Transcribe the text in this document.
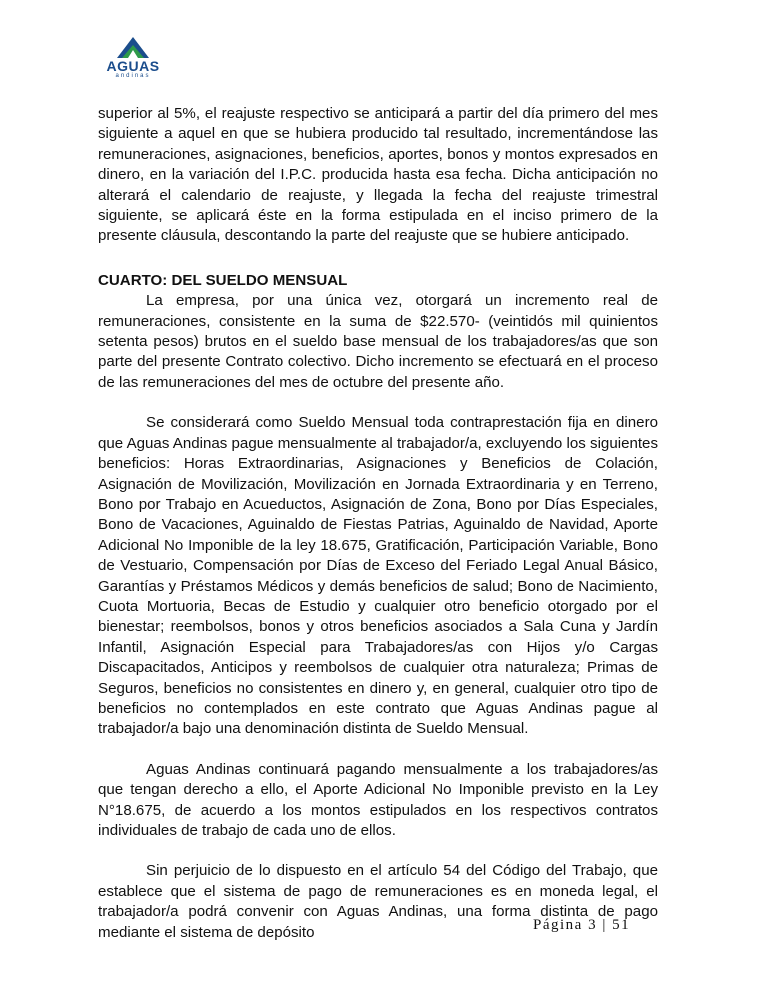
AGUAS
andinas

superior al 5%, el reajuste respectivo se anticipará a partir del día primero del mes siguiente a aquel en que se hubiera producido tal resultado, incrementándose las remuneraciones, asignaciones, beneficios, aportes, bonos y montos expresados en dinero, en la variación del I.P.C. producida hasta esa fecha. Dicha anticipación no alterará el calendario de reajuste, y llegada la fecha del reajuste trimestral siguiente, se aplicará éste en la forma estipulada en el inciso primero de la presente cláusula, descontando la parte del reajuste que se hubiere anticipado.

CUARTO: DEL SUELDO MENSUAL

La empresa, por una única vez, otorgará un incremento real de remuneraciones, consistente en la suma de $22.570- (veintidós mil quinientos setenta pesos) brutos en el sueldo base mensual de los trabajadores/as que son parte del presente Contrato colectivo. Dicho incremento se efectuará en el proceso de las remuneraciones del mes de octubre del presente año.

Se considerará como Sueldo Mensual toda contraprestación fija en dinero que Aguas Andinas pague mensualmente al trabajador/a, excluyendo los siguientes beneficios: Horas Extraordinarias, Asignaciones y Beneficios de Colación, Asignación de Movilización, Movilización en Jornada Extraordinaria y en Terreno, Bono por Trabajo en Acueductos, Asignación de Zona, Bono por Días Especiales, Bono de Vacaciones, Aguinaldo de Fiestas Patrias, Aguinaldo de Navidad, Aporte Adicional No Imponible de la ley 18.675, Gratificación, Participación Variable, Bono de Vestuario, Compensación por Días de Exceso del Feriado Legal Anual Básico, Garantías y Préstamos Médicos y demás beneficios de salud; Bono de Nacimiento, Cuota Mortuoria, Becas de Estudio y cualquier otro beneficio otorgado por el bienestar; reembolsos, bonos y otros beneficios asociados a Sala Cuna y Jardín Infantil, Asignación Especial para Trabajadores/as con Hijos y/o Cargas Discapacitados, Anticipos y reembolsos de cualquier otra naturaleza; Primas de Seguros, beneficios no consistentes en dinero y, en general, cualquier otro tipo de beneficios no contemplados en este contrato que Aguas Andinas pague al trabajador/a bajo una denominación distinta de Sueldo Mensual.

Aguas Andinas continuará pagando mensualmente a los trabajadores/as que tengan derecho a ello, el Aporte Adicional No Imponible previsto en la Ley N°18.675, de acuerdo a los montos estipulados en los respectivos contratos individuales de trabajo de cada uno de ellos.

Sin perjuicio de lo dispuesto en el artículo 54 del Código del Trabajo, que establece que el sistema de pago de remuneraciones es en moneda legal, el trabajador/a podrá convenir con Aguas Andinas, una forma distinta de pago mediante el sistema de depósito	Página 3 | 51
